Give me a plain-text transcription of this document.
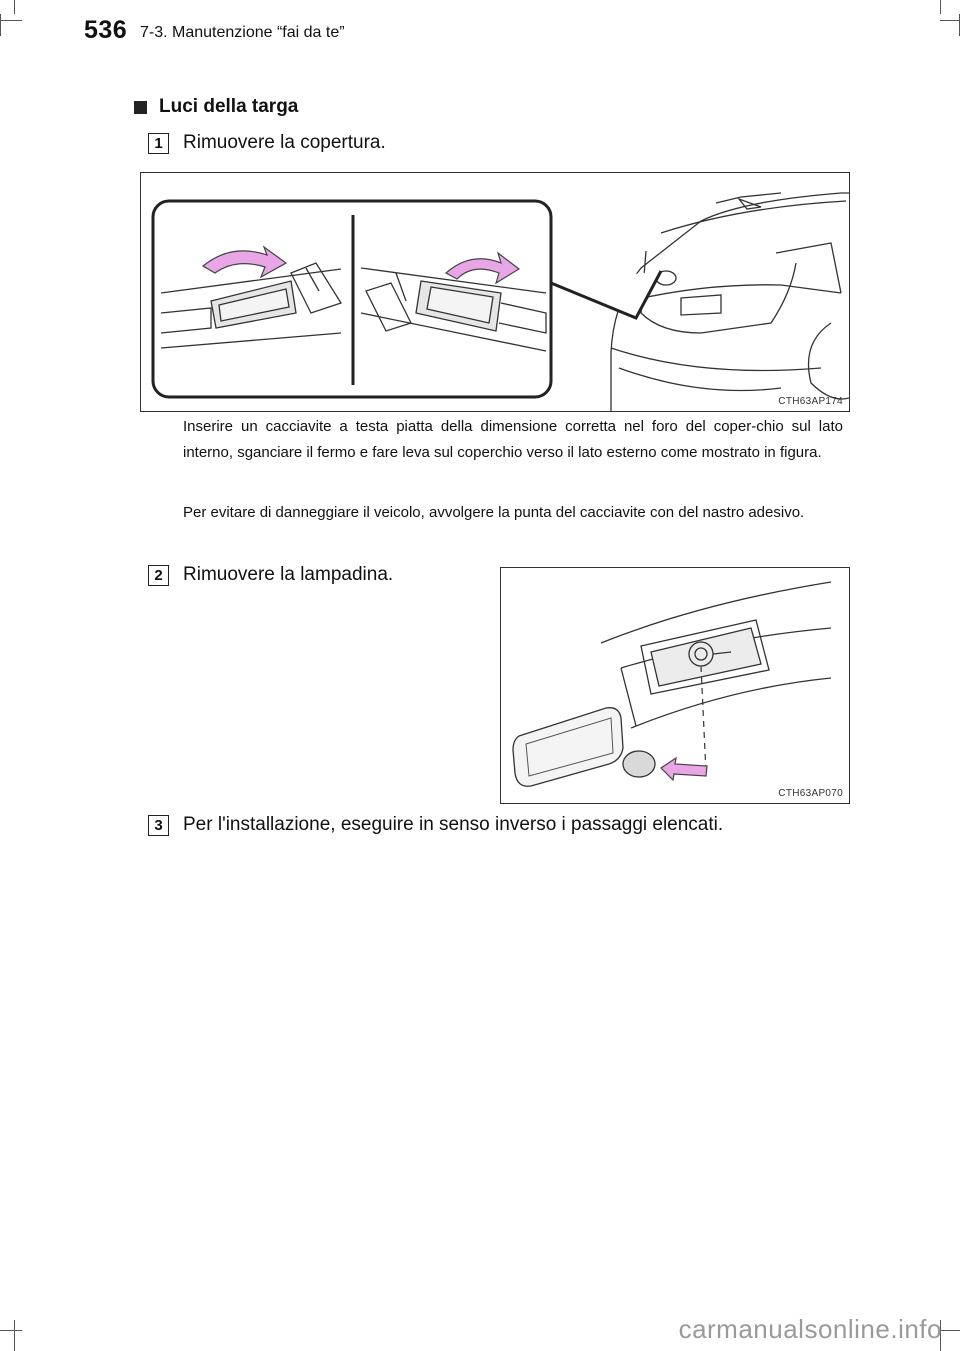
536 7-3. Manutenzione “fai da te”
Luci della targa
1	Rimuovere la copertura.
CTH63AP174
Inserire un cacciavite a testa piatta della dimensione corretta nel foro del coper-chio sul lato interno, sganciare il fermo e fare leva sul coperchio verso il lato esterno come mostrato in figura.
Per evitare di danneggiare il veicolo, avvolgere la punta del cacciavite con del nastro adesivo.
2	Rimuovere la lampadina.
CTH63AP070
3	Per l'installazione, eseguire in senso inverso i passaggi elencati.
carmanualsonline.info
